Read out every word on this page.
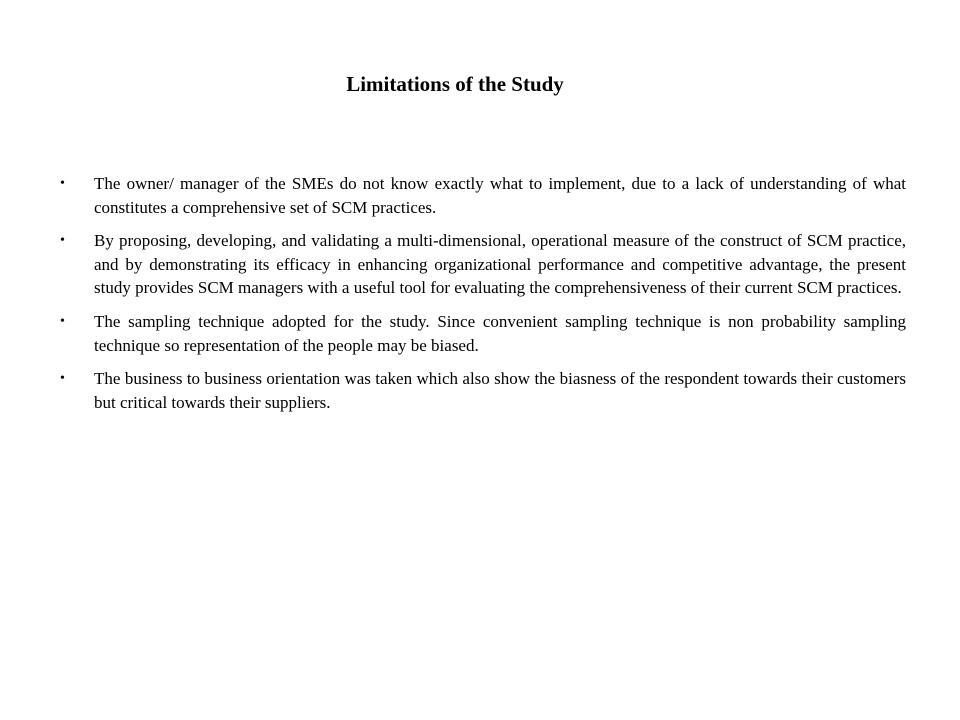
Limitations of the Study
•	The owner/ manager of the SMEs do not know exactly what to implement, due to a lack of understanding of what constitutes a comprehensive set of SCM practices.
•	By proposing, developing, and validating a multi-dimensional, operational measure of the construct of SCM practice, and by demonstrating its efficacy in enhancing organizational performance and competitive advantage, the present study provides SCM managers with a useful tool for evaluating the comprehensiveness of their current SCM practices.
•	The sampling technique adopted for the study. Since convenient sampling technique is non probability sampling technique so representation of the people may be biased.
•	The business to business orientation was taken which also show the biasness of the respondent towards their customers but critical towards their suppliers.
